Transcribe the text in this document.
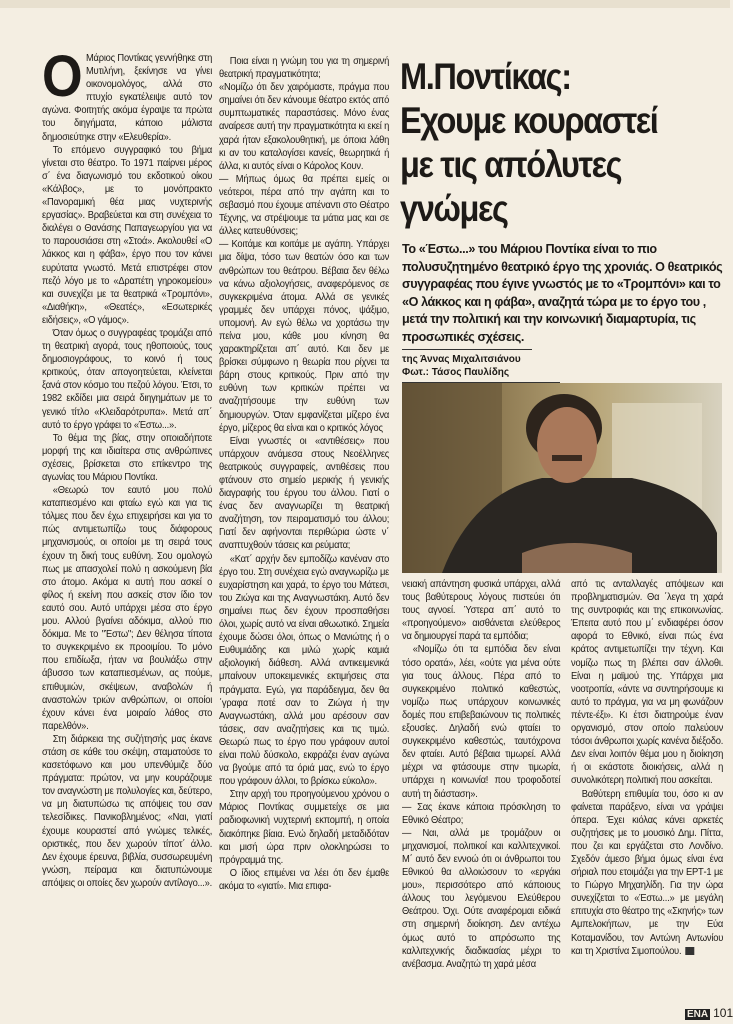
O Μάριος Ποντίκας γεννήθηκε στη Μυτιλήνη, ξεκίνησε να γίνει οικονομολόγος, αλλά στο πτυχίο εγκατέλειψε αυτό τον αγώνα. Φοιτητής ακόμα έγραψε τα πρώτα του διηγήματα, κάποιο μάλιστα δημοσιεύτηκε στην «Ελευθερία».

Το επόμενο συγγραφικό του βήμα γίνεται στο θέατρο. Το 1971 παίρνει μέρος σ΄ ένα διαγωνισμό του εκδοτικού οίκου «Κάλβος», με το μονόπρακτο «Πανοραμική θέα μιας νυχτερινής εργασίας». Βραβεύεται και στη συνέχεια το διαλέγει ο Θανάσης Παπαγεωργίου για να το παρουσιάσει στη «Στοά». Ακολουθεί «Ο λάκκος και η φάβα», έργο που τον κάνει ευρύτατα γνωστό. Μετά επιστρέφει στον πεζό λόγο με το «Δραπέτη γηροκομείου» και συνεχίζει με τα θεατρικά «Τρομπόνι», «Διαθήκη», «Θεατές», «Εσωτερικές ειδήσεις», «Ο γάμος».

Όταν όμως ο συγγραφέας τρομάζει από τη θεατρική αγορά, τους ηθοποιούς, τους δημοσιογράφους, το κοινό ή τους κριτικούς, όταν απογοητεύεται, κλείνεται ξανά στον κόσμο του πεζού λόγου. Έτσι, το 1982 εκδίδει μια σειρά διηγημάτων με το γενικό τίτλο «Κλειδαρότρυπα». Μετά απ΄ αυτό το έργο γράφει το «Έστω...».

Το θέμα της βίας, στην οποιαδήποτε μορφή της και ιδιαίτερα στις ανθρώπινες σχέσεις, βρίσκεται στο επίκεντρο της αγωνίας του Μάριου Ποντίκα.

«Θεωρώ τον εαυτό μου πολύ καταπιεσμένο και φταίω εγώ και για τις τόλμες που δεν έχω επιχειρήσει και για το πώς αντιμετωπίζω τους διάφορους μηχανισμούς, οι οποίοι με τη σειρά τους έχουν τη δική τους ευθύνη. Σου ομολογώ πως με απασχολεί πολύ η ασκούμενη βία στο άτομο. Ακόμα κι αυτή που ασκεί ο φίλος ή εκείνη που ασκείς στον ίδιο τον εαυτό σου. Αυτό υπάρχει μέσα στο έργο μου. Αλλού βγαίνει αδόκιμα, αλλού πιο δόκιμα. Με το "Έστω"; Δεν θέλησα τίποτα το συγκεκριμένο εκ προοιμίου. Το μόνο που επιδίωξα, ήταν να βουλιάξω στην άβυσσο των καταπιεσμένων, ας πούμε, επιθυμιών, σκέψεων, αναβολών ή αναστολών τριών ανθρώπων, οι οποίοι έχουν κάνει ένα μοιραίο λάθος στο παρελθόν».

Στη διάρκεια της συζήτησής μας έκανε στάση σε κάθε του σκέψη, σταματούσε το κασετόφωνο και μου υπενθύμιζε δύο πράγματα: πρώτον, να μην κουράζουμε τον αναγνώστη με πολυλογίες και, δεύτερο, να μη διατυπώσω τις απόψεις του σαν τελεσίδικες. Πανικοβλημένος; «Ναι, γιατί έχουμε κουραστεί από γνώμες τελικές, οριστικές, που δεν χωρούν τίποτ΄ άλλο. Δεν έχουμε έρευνα, βιβλία, συσσωρευμένη γνώση, πείραμα και διατυπώνουμε απόψεις οι οποίες δεν χωρούν αντίλογο...».

Ποια είναι η γνώμη του για τη σημερινή θεατρική πραγματικότητα;

«Νομίζω ότι δεν χαιρόμαστε, πράγμα που σημαίνει ότι δεν κάνουμε θέατρο εκτός από συμπτωματικές παραστάσεις. Μόνο ένας αναίρεσε αυτή την πραγματικότητα κι εκεί η χαρά ήταν εξακολουθητική, με όποια λάθη κι αν του καταλογίσει κανείς, θεωρητικά ή άλλα, κι αυτός είναι ο Κάρολος Κουν.

— Μήπως όμως θα πρέπει εμείς οι νεότεροι, πέρα από την αγάπη και το σεβασμό που έχουμε απέναντι στο Θέατρο Τέχνης, να στρέψουμε τα μάτια μας και σε άλλες κατευθύνσεις;

— Κοιτάμε και κοιτάμε με αγάπη. Υπάρχει μια δίψα, τόσο των θεατών όσο και των ανθρώπων του θεάτρου. Βέβαια δεν θέλω να κάνω αξιολογήσεις, αναφερόμενος σε συγκεκριμένα άτομα. Αλλά σε γενικές γραμμές δεν υπάρχει πόνος, ψάξιμο, υπομονή. Αν εγώ θέλω να χορτάσω την πείνα μου, κάθε μου κίνηση θα χαρακτηρίζεται απ΄ αυτό. Και δεν με βρίσκει σύμφωνο η θεωρία που ρίχνει τα βάρη στους κριτικούς. Πριν από την ευθύνη των κριτικών πρέπει να αναζητήσουμε την ευθύνη των δημιουργών. Όταν εμφανίζεται μίζερο ένα έργο, μίζερος θα είναι και ο κριτικός λόγος

Είναι γνωστές οι «αντιθέσεις» που υπάρχουν ανάμεσα στους Νεοέλληνες θεατρικούς συγγραφείς, αντιθέσεις που φτάνουν στο σημείο μερικής ή γενικής διαγραφής του έργου του άλλου. Γιατί ο ένας δεν αναγνωρίζει τη θεατρική αναζήτηση, τον πειραματισμό του άλλου; Γιατί δεν αφήνονται περιθώρια ώστε ν΄ αναπτυχθούν τάσεις και ρεύματα;

«Κατ΄ αρχήν δεν εμποδίζω κανέναν στο έργο του. Στη συνέχεια εγώ αναγνωρίζω με ευχαρίστηση και χαρά, το έργο του Μάτεσι, του Ζιώγα και της Αναγνωστάκη. Αυτό δεν σημαίνει πως δεν έχουν προσπαθήσει όλοι, χωρίς αυτό να είναι αθωωτικό. Σημεία έχουμε δώσει όλοι, όπως ο Μανιώτης ή ο Ευθυμιάδης και μιλώ χωρίς καμιά αξιολογική διάθεση. Αλλά αντικειμενικά μπαίνουν υποκειμενικές εκτιμήσεις στα πράγματα. Εγώ, για παράδειγμα, δεν θα ΄γραφα ποτέ σαν το Ζιώγα ή την Αναγνωστάκη, αλλά μου αρέσουν σαν τάσεις, σαν αναζητήσεις και τις τιμώ. Θεωρώ πως το έργο που γράφουν αυτοί είναι πολύ δύσκολο, εκφράζει έναν αγώνα να βγούμε από τα όριά μας, ενώ το έργο που γράφουν άλλοι, το βρίσκω εύκολο».

Στην αρχή του προηγούμενου χρόνου ο Μάριος Ποντίκας συμμετείχε σε μια ραδιοφωνική νυχτερινή εκπομπή, η οποία διακόπηκε βίαια. Ενώ δηλαδή μεταδιδόταν και μισή ώρα πριν ολοκληρώσει το πρόγραμμά της.

Ο ίδιος επιμένει να λέει ότι δεν έμαθε ακόμα το «γιατί». Μια επιφα-

Μ.Ποντίκας:
Εχουμε κουραστεί
με τις απόλυτες
γνώμες
Το «Έστω...» του Μάριου Ποντίκα είναι το πιο πολυσυζητημένο θεατρικό έργο της χρονιάς. Ο θεατρικός συγγραφέας που έγινε γνωστός με το «Τρομπόνι» και το «Ο λάκκος και η φάβα», αναζητά τώρα με το έργο του , μετά την πολιτική και την κοινωνική διαμαρτυρία, τις προσωπικές σχέσεις.
της Άννας Μιχαλιτσιάνου
Φωτ.: Τάσος Παυλίδης

νειακή απάντηση φυσικά υπάρχει, αλλά τους βαθύτερους λόγους πιστεύει ότι τους αγνοεί. Ύστερα απ΄ αυτό το «προηγούμενο» αισθάνεται ελεύθερος να δημιουργεί παρά τα εμπόδια;

«Νομίζω ότι τα εμπόδια δεν είναι τόσο ορατά», λέει, «ούτε για μένα ούτε για τους άλλους. Πέρα από το συγκεκριμένο πολιτικό καθεστώς, νομίζω πως υπάρχουν κοινωνικές δομές που επιβεβαιώνουν τις πολιτικές εξουσίες. Δηλαδή ενώ φταίει το συγκεκριμένο καθεστώς, ταυτόχρονα δεν φταίει. Αυτό βέβαια τιμωρεί. Αλλά μέχρι να φτάσουμε στην τιμωρία, υπάρχει η κοινωνία! που τροφοδοτεί αυτή τη διάσταση».

— Σας έκανε κάποια πρόσκληση το Εθνικό Θέατρο;

— Ναι, αλλά με τρομάζουν οι μηχανισμοί, πολιτικοί και καλλιτεχνικοί. Μ΄ αυτό δεν εννοώ ότι οι άνθρωποι του Εθνικού θα αλλοιώσουν το «εργάκι μου», περισσότερο από κάποιους άλλους του λεγόμενου Ελεύθερου Θεάτρου. Όχι. Ούτε αναφέρομαι ειδικά στη σημερινή διοίκηση. Δεν αντέχω όμως αυτό το απρόσωπο της καλλιτεχνικής διαδικασίας μέχρι το ανέβασμα. Αναζητώ τη χαρά μέσα

από τις ανταλλαγές απόψεων και προβληματισμών. Θα ΄λεγα τη χαρά της συντροφιάς και της επικοινωνίας. Έπειτα αυτό που μ΄ ενδιαφέρει όσον αφορά το Εθνικό, είναι πώς ένα κράτος αντιμετωπίζει την τέχνη. Και νομίζω πως τη βλέπει σαν άλλοθι. Είναι η μαϊμού της. Υπάρχει μια νοοτροπία, «άντε να συντηρήσουμε κι αυτό το πράγμα, για να μη φωνάζουν πέντε-έξι». Κι έτσι διατηρούμε έναν οργανισμό, στον οποίο παλεύουν τόσοι άνθρωποι χωρίς κανένα διέξοδο. Δεν είναι λοιπόν θέμα μου η διοίκηση ή οι εκάστοτε διοικήσεις, αλλά η συνολικότερη πολιτική που ασκείται.

Βαθύτερη επιθυμία του, όσο κι αν φαίνεται παράξενο, είναι να γράψει όπερα. Έχει κιόλας κάνει αρκετές συζητήσεις με το μουσικό Δημ. Πίττα, που ζει και εργάζεται στο Λονδίνο. Σχεδόν άμεσο βήμα όμως είναι ένα σήριαλ που ετοιμάζει για την ΕΡΤ-1 με το Γιώργο Μηχαηλίδη. Για την ώρα συνεχίζεται το «Έστω...» με μεγάλη επιτυχία στο θέατρο της «Σκηνής» των Αμπελοκήπων, με την Εύα Κοταμανίδου, τον Αντώνη Αντωνίου και τη Χριστίνα Σιμοπούλου.

ΕΝΑ 101
